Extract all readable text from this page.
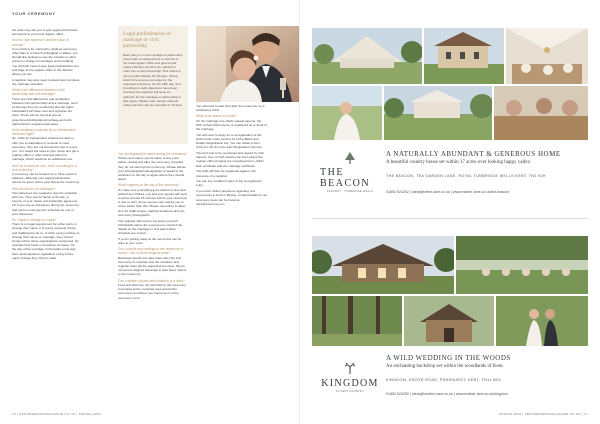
YOUR CEREMONY

the vicar may ask you to give legal preliminaries two before at your local register office.

How do I get married in another place of worship?

If you wish to be married by religious ceremony, other than in a Church of England or Wales, you should first arrange to see the minister or other person in charge of marriages at the building. You will both need to give legal preliminaries one and page at the register office in the districts where you live.

A registrar may also need to attend and complete the marriage schedule.

What is the difference between a civil partnership and civil marriage?

There are both differences and similarities between civil partnerships and a marriage, such as the way they are conducted and the rights individuals both have over and opposite sex have. These can be found at gov.uk: government/publications/marriage-and-civil-partnership-in-england-and-wales.

Is the wedding conducted by an independent celebrant legal?

No, while an independent celebrant is able to offer you a celebration or renewal of vows ceremony, they are not licensed by law to marry you. You would still need to give notice and get a register office or other licensed place for marriage, which would be an additional cost.

How far in advance can I book a booking for a civil ceremony?

A ceremony can be booked up to three years in advance, although your legal preliminaries cannot be given until a year before the ceremony.

Who should be our witnesses?

Two witnesses are needed to sign the schedule with you. They can be family or friends, or anyone of your choice and preferably aged over 18. If you use an interpreter during the ceremony, that person must sign the schedule as one of your witnesses.

Do I have to change my name?

There is no legal requirement for either party to change their name. It is purely personal choice and traditional to do so. If either person wishes to change their name on marriage, they should simply inform those organisations concerned, for example their bank or insurance company. On the day of the marriage, both parties must sign their usual signature regardless of any future name change they wish to make.

Legal preliminaries of marriage or civil partnership
Each party in a civil marriage or partnership must make an appointment to visit his or her local register office and give formal notice that they intend to be married or enter into a civil partnership. This notice is put on public display for 28 days, during which time anyone can object to the proposed ceremony. On the 29th day, and providing no valid objections have been received, the registrar will issue an authority for the marriage or partnership to take place. Please note, foreign national notice periods may be extended to 70 days.

Can photographs be taken during the ceremony?

Photos and videos can be taken at any point before, during and after the ceremony, provided they do not interrupt the ceremony. Please advise your photographer/videographer to speak to the celebrant on the day to agree where they should stand.

What happens on the day of the ceremony?

To make sure everything goes ahead on time and without any hitches, you and your guests will need to arrive at least 15 minutes before your ceremony is due to start. Some venues may require you to arrive earlier than this. Please remember to allow time for traffic delays, parking limitations and pre-ceremony photographs.

The registrar will need to interview you both individually before the ceremony to check if the details on the marriage or civil partnership schedule are correct.

If you're getting ready at the venue this can be done in your room.

Can I include any readings in the ceremony or music? Can I include religious parts?

Blessings should only take place after the civil ceremony is complete and the celebrant and registrar have left the approved premises. We do not permit religious blessings to take place 'before a civil ceremony'.

Can I release a guest with a balloon or a dove?

Food and drink are not permitted in the ceremony room/area at the restricted area around the ceremony room/area, see how long or to the ceremony room.

You will need to wait until after the ceremony, by a celebratory drink.

What is the status of a child?

On the marriage of a child's natural parents, the birth of that child may be re-registered as a result of the marriage.

You will need to apply for a re-registration of the child's birth under section 14 of the Births and Deaths Registration Act. You can obtain a form (LA1) for this from the Kent Registration Service.

The form has to be completed and signed by both parents. One or both parents can then attend the register office bringing the completed form, child's birth certificate and the marriage certificate.

The birth will then be registered again in the presence of a registrar.

You can buy certified copies of the re-registered entry.

If you have further questions regarding civil ceremonies in Kent or Bexley, contact details for our ceremony team can be found at ukcivilceremony.com

16 | KENTWEDDINGMAGAZINE.CO.UK | SPRING 2020	SPRING 2020 | KENTWEDDINGMAGAZINE.CO.UK | 17
THE BEACON
ASHURST · TUNBRIDGE WELLS
A NATURALLY ABUNDANT & GENEROUS HOME
A beautiful country house set within 17 acres over looking happy valley.
THE BEACON, TEA GARDEN LANE, ROYAL TUNBRIDGE WELLS KENT, TN3 9JH
01892 524252 | ideas@other-lane.co.uk | www.mother-lane.co.uk/the-beacon
KINGDOM
AT KENT COUNTRY
A WILD WEDDING IN THE WOODS
An enchanting backdrop set within the woodlands of Kent.
KINGDOM, GROVE ROAD, PENSHURST, KENT, TN11 8DX
01892 524252 | ideas@mother-lane.co.uk | www.mother-lane.co.uk/kingdom
